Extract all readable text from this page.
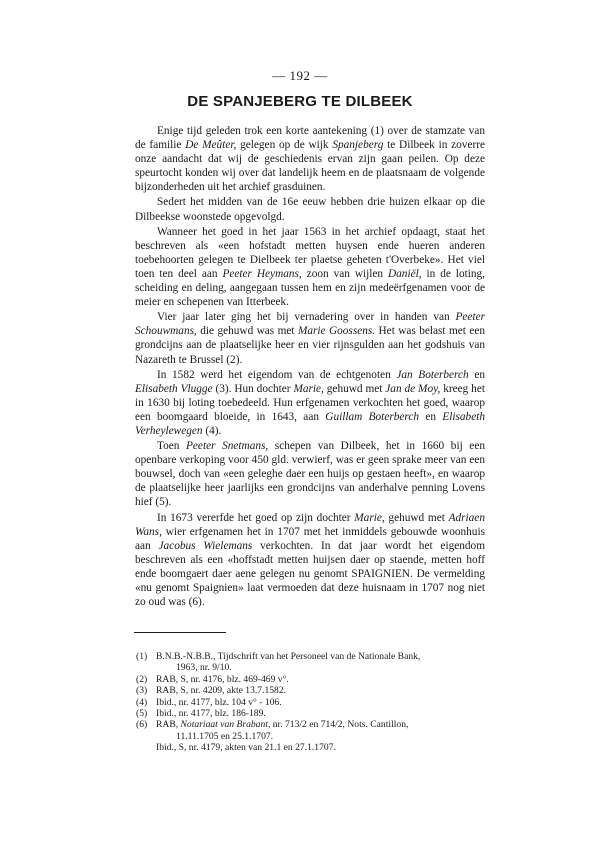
— 192 —
DE SPANJEBERG TE DILBEEK

Enige tijd geleden trok een korte aantekening (1) over de stamzate van de familie De Meûter, gelegen op de wijk Spanjeberg te Dilbeek in zoverre onze aandacht dat wij de geschiedenis ervan zijn gaan peilen. Op deze speurtocht konden wij over dat landelijk heem en de plaatsnaam de volgende bijzonderheden uit het archief grasduinen.

Sedert het midden van de 16e eeuw hebben drie huizen elkaar op die Dilbeekse woonstede opgevolgd.

Wanneer het goed in het jaar 1563 in het archief opdaagt, staat het beschreven als «een hofstadt metten huysen ende hueren anderen toebehoorten gelegen te Dielbeek ter plaetse geheten t'Overbeke». Het viel toen ten deel aan Peeter Heymans, zoon van wijlen Daniël, in de loting, scheiding en deling, aangegaan tussen hem en zijn medeërfgenamen voor de meier en schepenen van Itterbeek.

Vier jaar later ging het bij vernadering over in handen van Peeter Schouwmans, die gehuwd was met Marie Goossens. Het was belast met een grondcijns aan de plaatselijke heer en vier rijnsgulden aan het godshuis van Nazareth te Brussel (2).

In 1582 werd het eigendom van de echtgenoten Jan Boterberch en Elisabeth Vlugge (3). Hun dochter Marie, gehuwd met Jan de Moy, kreeg het in 1630 bij loting toebedeeld. Hun erfgenamen verkochten het goed, waarop een boomgaard bloeide, in 1643, aan Guillam Boterberch en Elisabeth Verheylewegen (4).

Toen Peeter Snetmans, schepen van Dilbeek, het in 1660 bij een openbare verkoping voor 450 gld. verwierf, was er geen sprake meer van een bouwsel, doch van «een geleghe daer een huijs op gestaen heeft», en waarop de plaatselijke heer jaarlijks een grondcijns van anderhalve penning Lovens hief (5).

In 1673 vererfde het goed op zijn dochter Marie, gehuwd met Adriaen Wans, wier erfgenamen het in 1707 met het inmiddels gebouwde woonhuis aan Jacobus Wielemans verkochten. In dat jaar wordt het eigendom beschreven als een «hoffstadt metten huijsen daer op staende, metten hoff ende boomgaert daer aene gelegen nu genomt SPAIGNIEN. De vermelding «nu genomt Spaignien» laat vermoeden dat deze huisnaam in 1707 nog niet zo oud was (6).

(1) B.N.B.-N.B.B., Tijdschrift van het Personeel van de Nationale Bank,
1963, nr. 9/10.
(2) RAB, S, nr. 4176, blz. 469-469 v°.
(3) RAB, S, nr. 4209, akte 13.7.1582.
(4) Ibid., nr. 4177, blz. 104 v° - 106.
(5) Ibid., nr. 4177, blz. 186-189.
(6) RAB, Notariaat van Brabant, nr. 713/2 en 714/2, Nots. Cantillon,
11.11.1705 en 25.1.1707.
Ibid., S, nr. 4179, akten van 21.1 en 27.1.1707.
